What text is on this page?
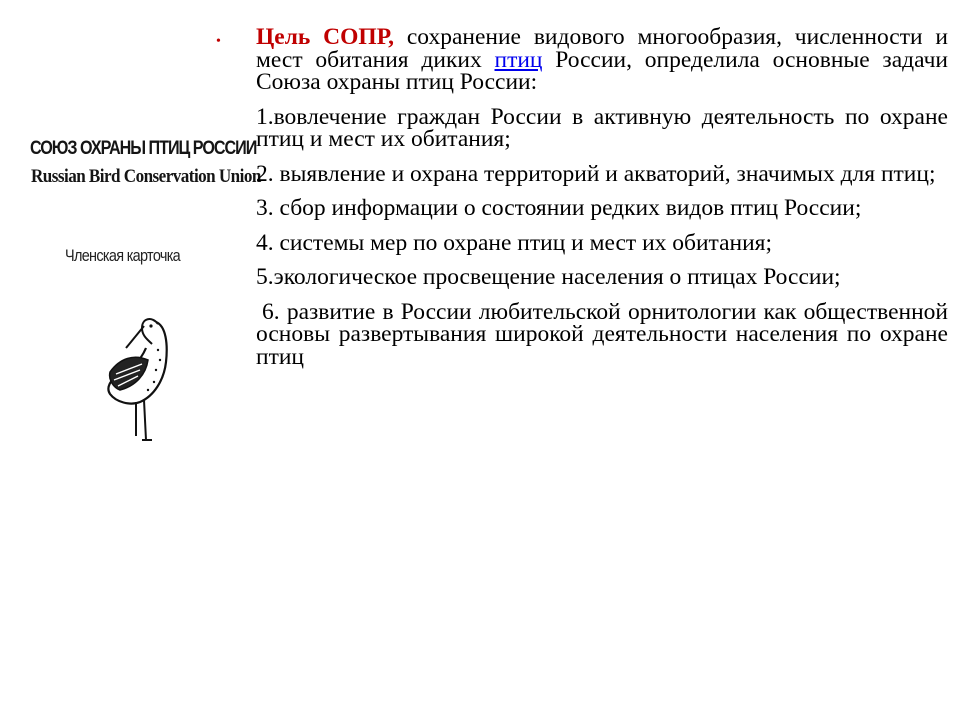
СОЮЗ ОХРАНЫ ПТИЦ РОССИИ
Russian Bird Conservation Union
Членская карточка
• Цель СОПР, сохранение видового многообразия, численности и мест обитания диких птиц России, определила основные задачи Союза охраны птиц России:

1.вовлечение граждан России в активную деятельность по охране птиц и мест их обитания;

2. выявление и охрана территорий и акваторий, значимых для птиц;

3. сбор информации о состоянии редких видов птиц России;

4. системы мер по охране птиц и мест их обитания;

5.экологическое просвещение населения о птицах России;

6. развитие в России любительской орнитологии как общественной основы развертывания широкой деятельности населения по охране птиц
